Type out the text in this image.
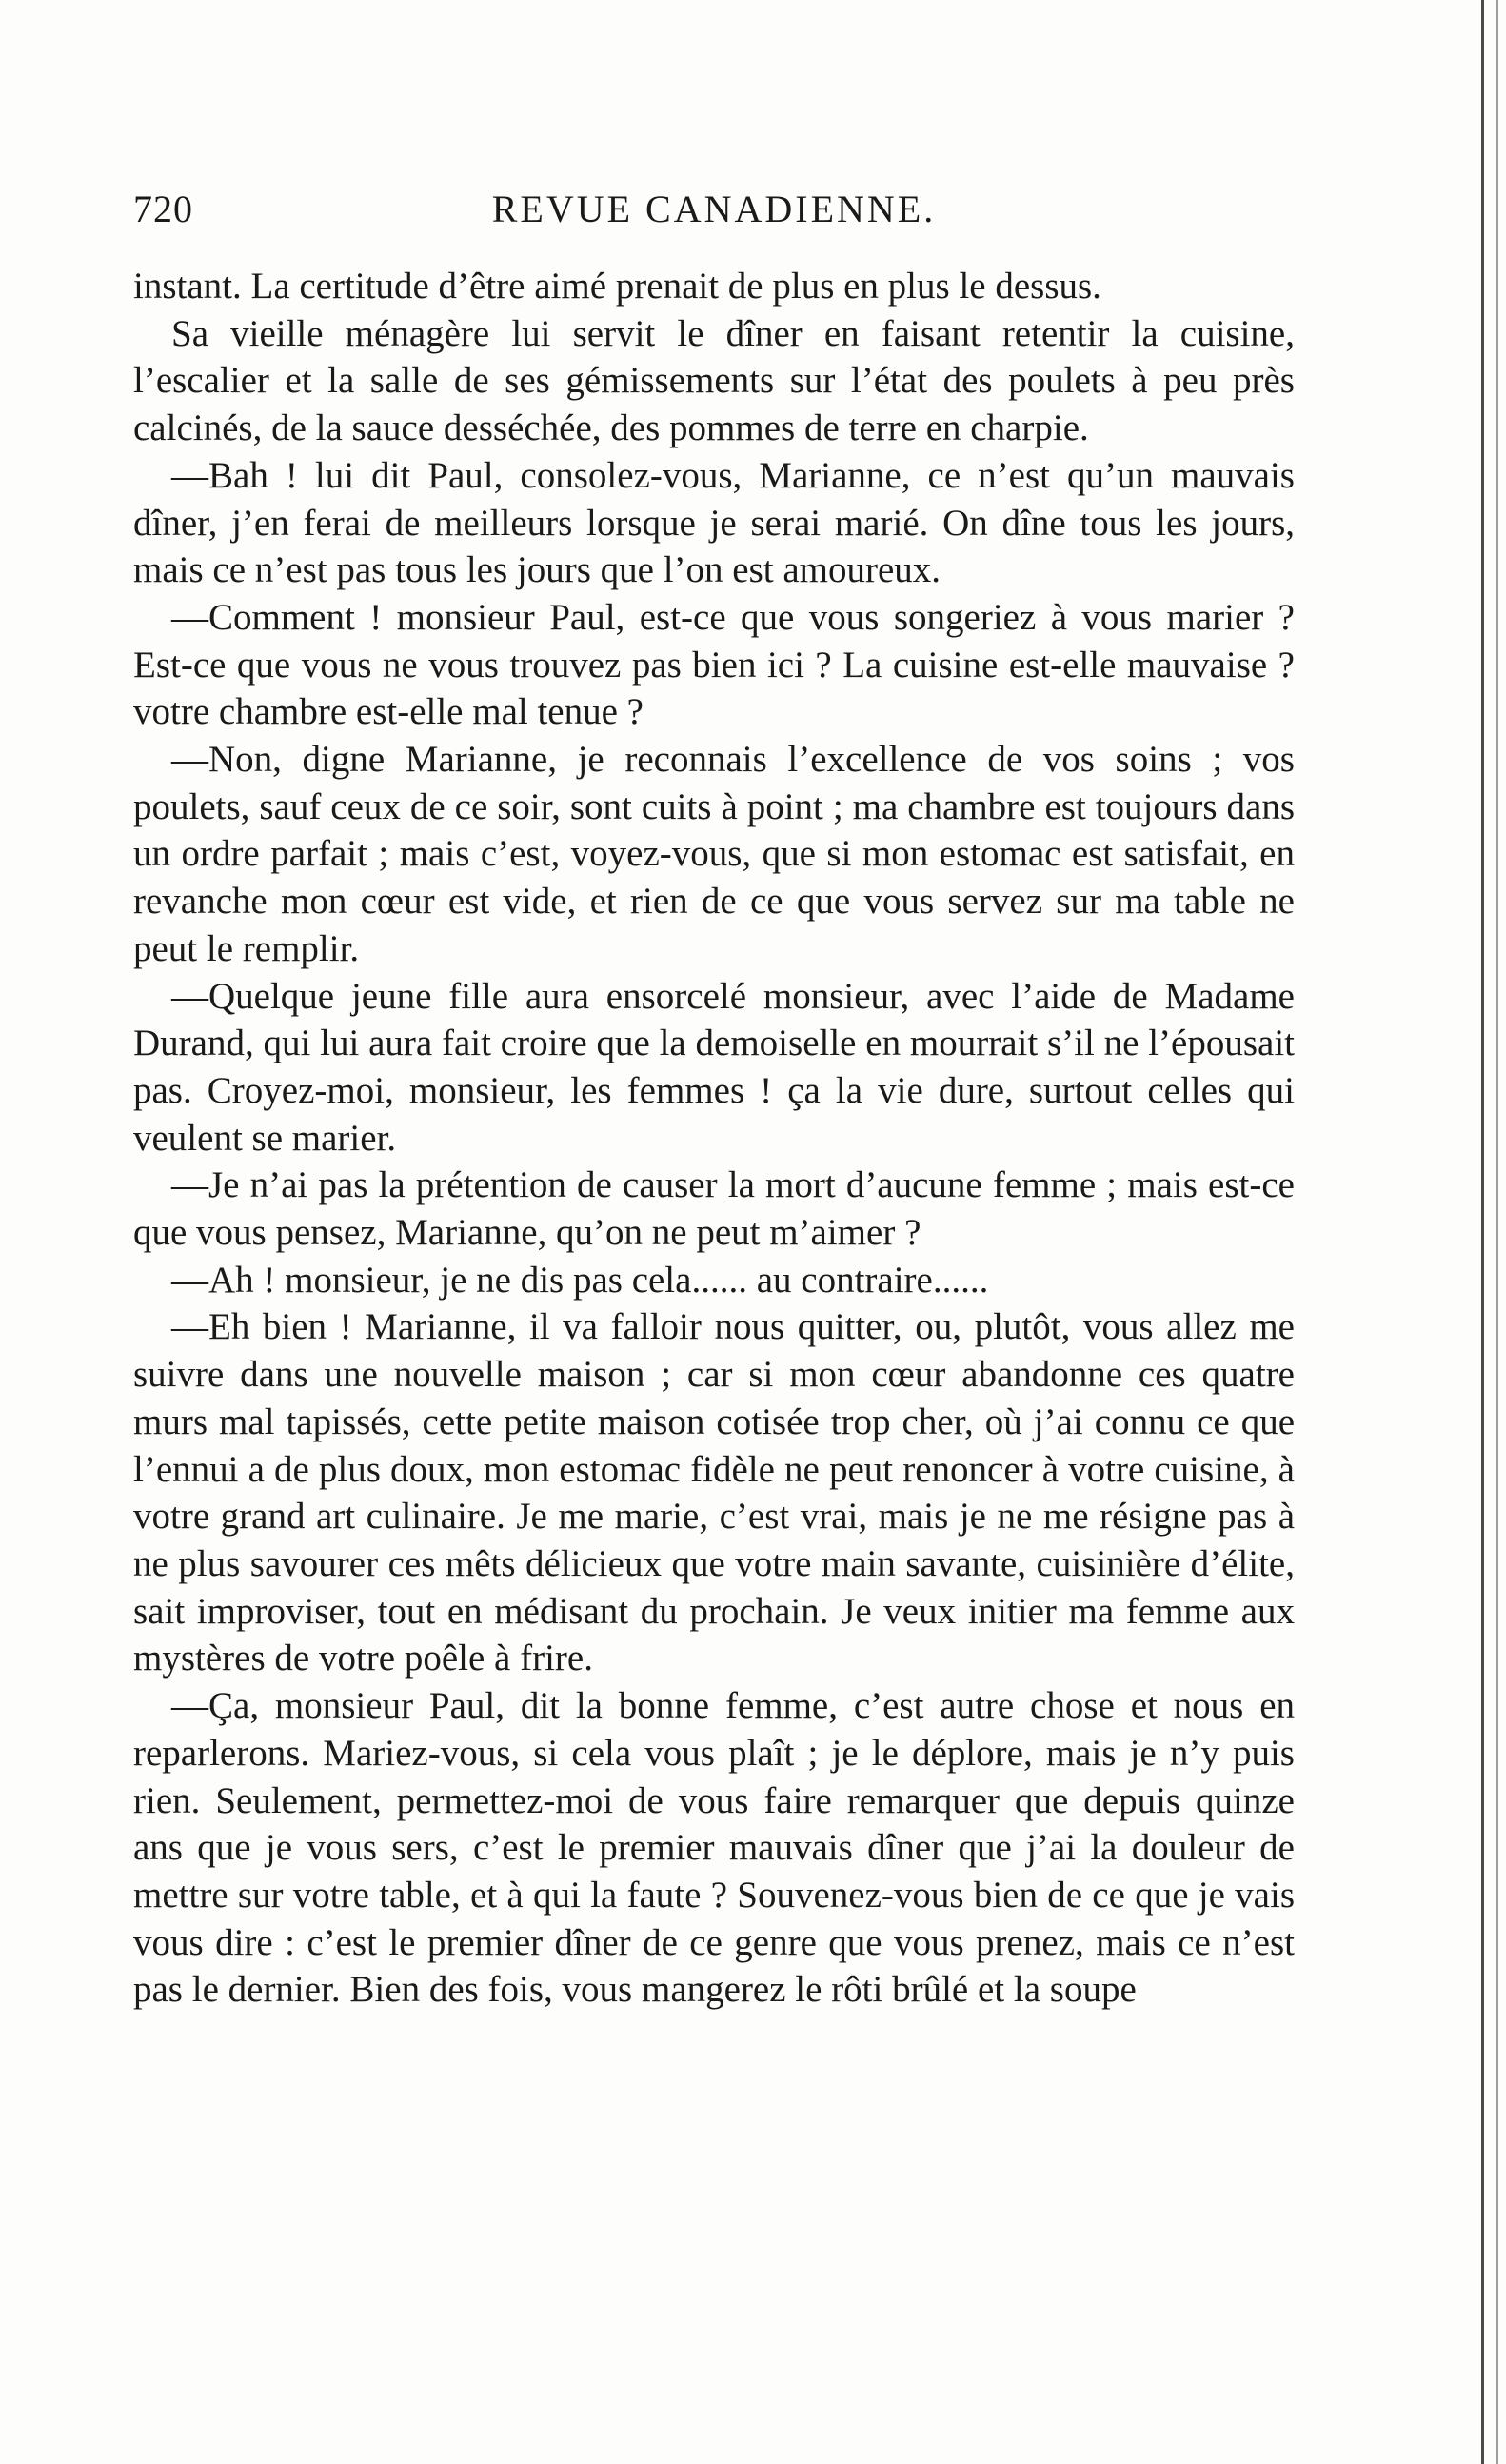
720	REVUE CANADIENNE.

instant. La certitude d’être aimé prenait de plus en plus le dessus.

Sa vieille ménagère lui servit le dîner en faisant retentir la cuisine, l’escalier et la salle de ses gémissements sur l’état des poulets à peu près calcinés, de la sauce desséchée, des pommes de terre en charpie.

—Bah ! lui dit Paul, consolez-vous, Marianne, ce n’est qu’un mauvais dîner, j’en ferai de meilleurs lorsque je serai marié. On dîne tous les jours, mais ce n’est pas tous les jours que l’on est amoureux.

—Comment ! monsieur Paul, est-ce que vous songeriez à vous marier ? Est-ce que vous ne vous trouvez pas bien ici ? La cuisine est-elle mauvaise ? votre chambre est-elle mal tenue ?

—Non, digne Marianne, je reconnais l’excellence de vos soins ; vos poulets, sauf ceux de ce soir, sont cuits à point ; ma chambre est toujours dans un ordre parfait ; mais c’est, voyez-vous, que si mon estomac est satisfait, en revanche mon cœur est vide, et rien de ce que vous servez sur ma table ne peut le remplir.

—Quelque jeune fille aura ensorcelé monsieur, avec l’aide de Madame Durand, qui lui aura fait croire que la demoiselle en mourrait s’il ne l’épousait pas. Croyez-moi, monsieur, les femmes ! ça la vie dure, surtout celles qui veulent se marier.

—Je n’ai pas la prétention de causer la mort d’aucune femme ; mais est-ce que vous pensez, Marianne, qu’on ne peut m’aimer ?

—Ah ! monsieur, je ne dis pas cela...... au contraire......

—Eh bien ! Marianne, il va falloir nous quitter, ou, plutôt, vous allez me suivre dans une nouvelle maison ; car si mon cœur abandonne ces quatre murs mal tapissés, cette petite maison cotisée trop cher, où j’ai connu ce que l’ennui a de plus doux, mon estomac fidèle ne peut renoncer à votre cuisine, à votre grand art culinaire. Je me marie, c’est vrai, mais je ne me résigne pas à ne plus savourer ces mêts délicieux que votre main savante, cuisinière d’élite, sait improviser, tout en médisant du prochain. Je veux initier ma femme aux mystères de votre poêle à frire.

—Ça, monsieur Paul, dit la bonne femme, c’est autre chose et nous en reparlerons. Mariez-vous, si cela vous plaît ; je le déplore, mais je n’y puis rien. Seulement, permettez-moi de vous faire remarquer que depuis quinze ans que je vous sers, c’est le premier mauvais dîner que j’ai la douleur de mettre sur votre table, et à qui la faute ? Souvenez-vous bien de ce que je vais vous dire : c’est le premier dîner de ce genre que vous prenez, mais ce n’est pas le dernier. Bien des fois, vous mangerez le rôti brûlé et la soupe
